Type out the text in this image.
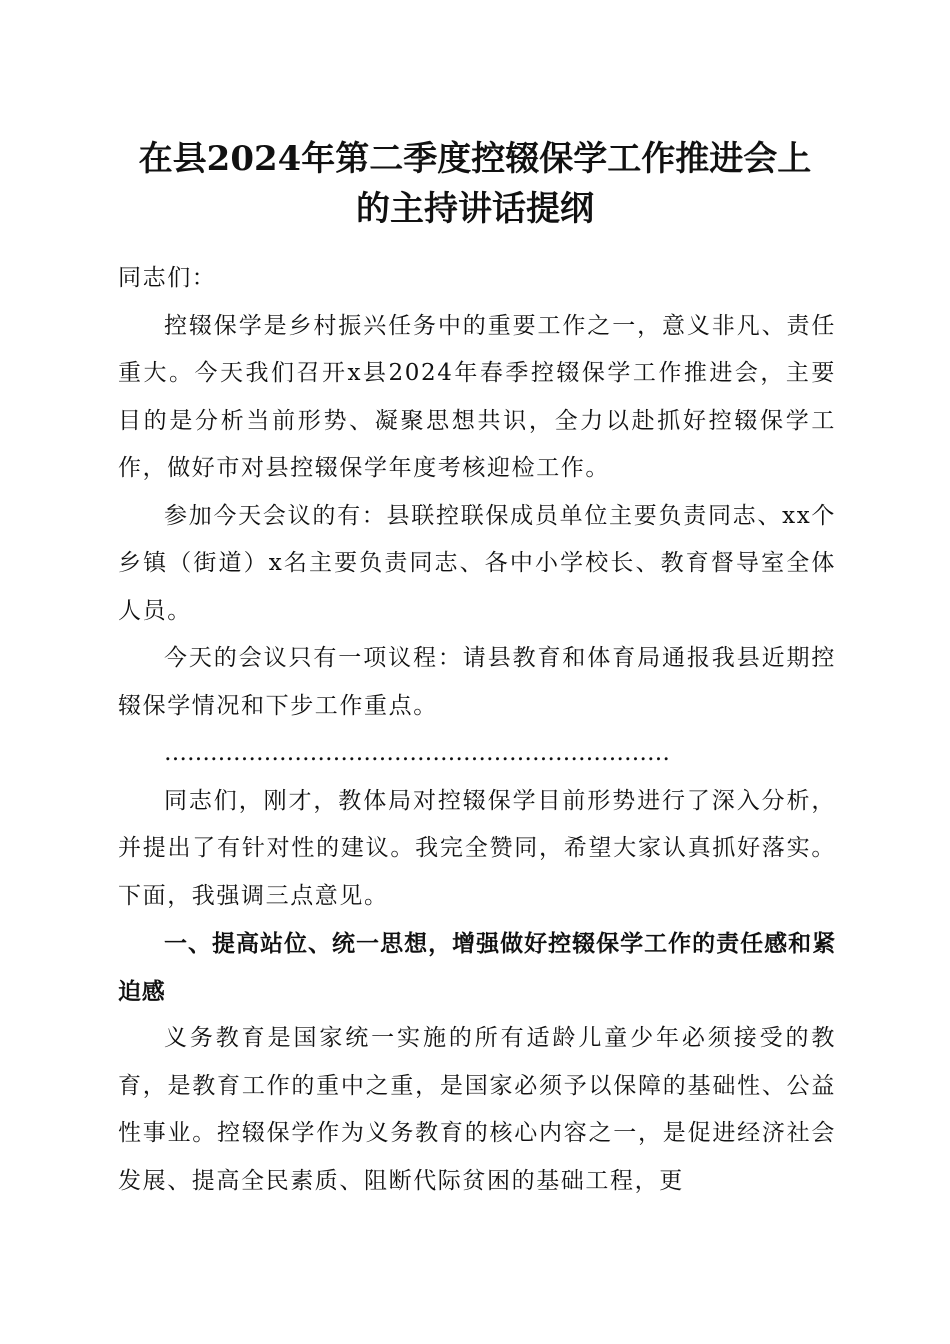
在县2024年第二季度控辍保学工作推进会上
的主持讲话提纲

同志们：

控辍保学是乡村振兴任务中的重要工作之一，意义非凡、责任重大。今天我们召开x县2024年春季控辍保学工作推进会，主要目的是分析当前形势、凝聚思想共识，全力以赴抓好控辍保学工作，做好市对县控辍保学年度考核迎检工作。

参加今天会议的有：县联控联保成员单位主要负责同志、xx个乡镇（街道）x名主要负责同志、各中小学校长、教育督导室全体人员。

今天的会议只有一项议程：请县教育和体育局通报我县近期控辍保学情况和下步工作重点。

…………………………………………………………

同志们，刚才，教体局对控辍保学目前形势进行了深入分析，并提出了有针对性的建议。我完全赞同，希望大家认真抓好落实。下面，我强调三点意见。

一、提高站位、统一思想，增强做好控辍保学工作的责任感和紧迫感

义务教育是国家统一实施的所有适龄儿童少年必须接受的教育，是教育工作的重中之重，是国家必须予以保障的基础性、公益性事业。控辍保学作为义务教育的核心内容之一，是促进经济社会发展、提高全民素质、阻断代际贫困的基础工程，更
